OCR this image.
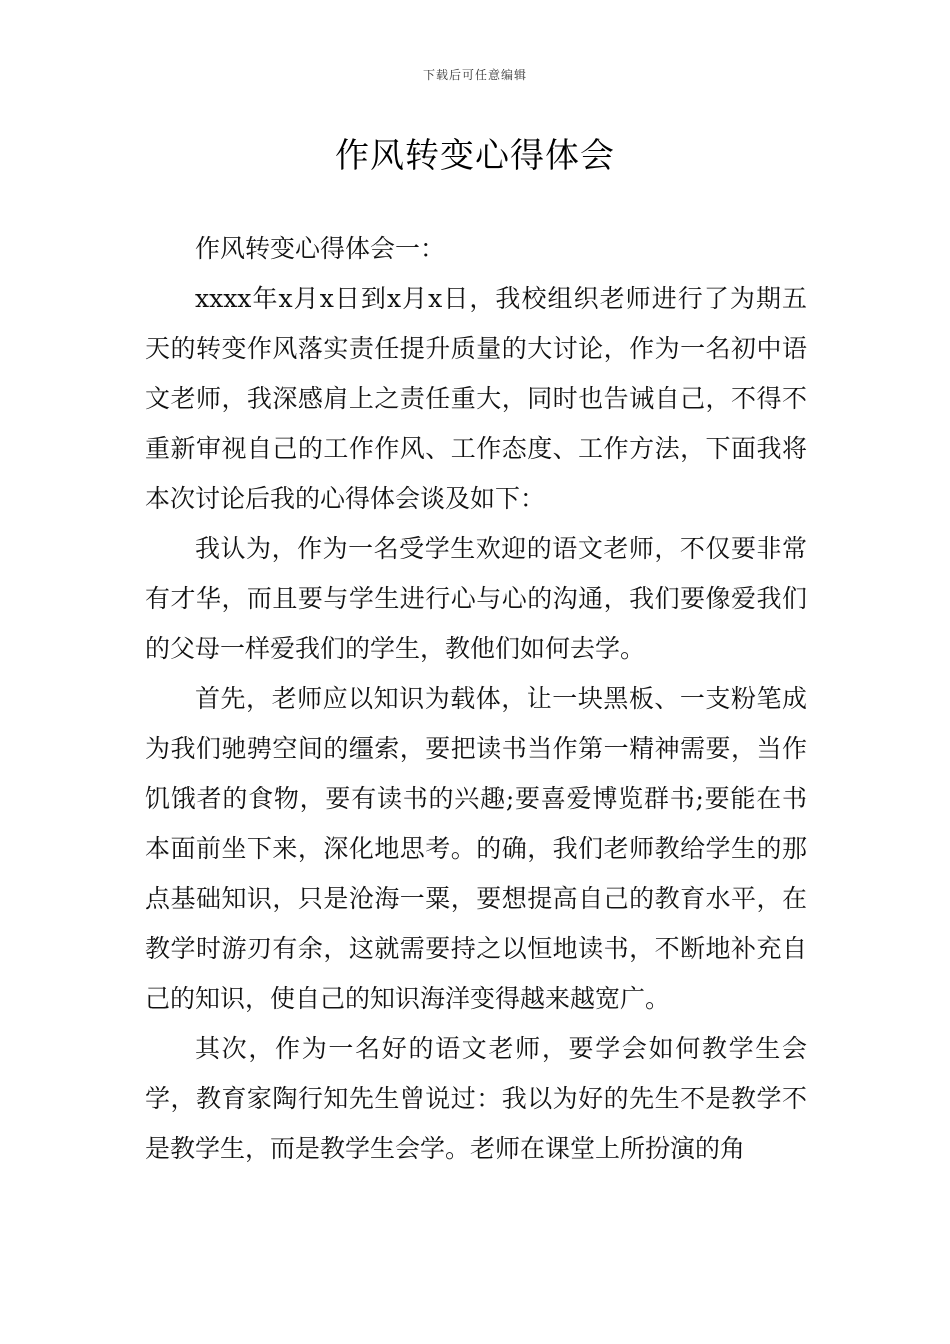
下载后可任意编辑
作风转变心得体会

作风转变心得体会一：

xxxx年x月x日到x月x日，我校组织老师进行了为期五天的转变作风落实责任提升质量的大讨论，作为一名初中语文老师，我深感肩上之责任重大，同时也告诫自己，不得不重新审视自己的工作作风、工作态度、工作方法，下面我将本次讨论后我的心得体会谈及如下：

我认为，作为一名受学生欢迎的语文老师，不仅要非常有才华，而且要与学生进行心与心的沟通，我们要像爱我们的父母一样爱我们的学生，教他们如何去学。

首先，老师应以知识为载体，让一块黑板、一支粉笔成为我们驰骋空间的缰索，要把读书当作第一精神需要，当作饥饿者的食物，要有读书的兴趣;要喜爱博览群书;要能在书本面前坐下来，深化地思考。的确，我们老师教给学生的那点基础知识，只是沧海一粟，要想提高自己的教育水平，在教学时游刃有余，这就需要持之以恒地读书，不断地补充自己的知识，使自己的知识海洋变得越来越宽广。

其次，作为一名好的语文老师，要学会如何教学生会学，教育家陶行知先生曾说过：我以为好的先生不是教学不是教学生，而是教学生会学。老师在课堂上所扮演的角
